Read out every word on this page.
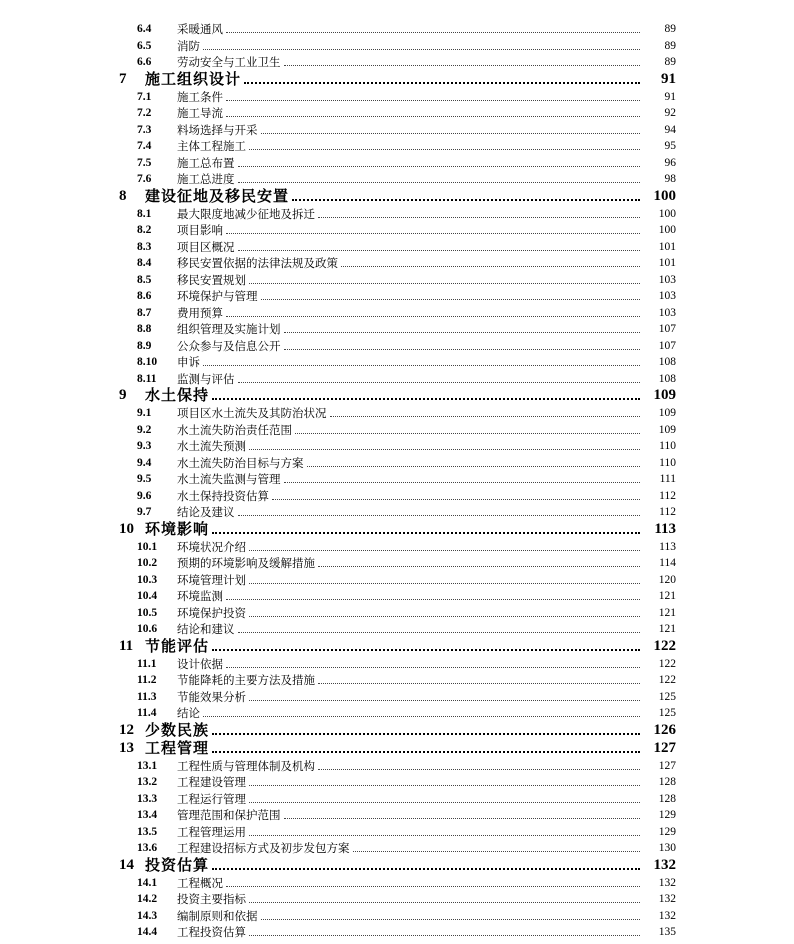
6.4	采暖通风	89
6.5	消防	89
6.6	劳动安全与工业卫生	89
7	施工组织设计	91
7.1	施工条件	91
7.2	施工导流	92
7.3	料场选择与开采	94
7.4	主体工程施工	95
7.5	施工总布置	96
7.6	施工总进度	98
8	建设征地及移民安置	100
8.1	最大限度地减少征地及拆迁	100
8.2	项目影响	100
8.3	项目区概况	101
8.4	移民安置依据的法律法规及政策	101
8.5	移民安置规划	103
8.6	环境保护与管理	103
8.7	费用预算	103
8.8	组织管理及实施计划	107
8.9	公众参与及信息公开	107
8.10	申诉	108
8.11	监测与评估	108
9	水土保持	109
9.1	项目区水土流失及其防治状况	109
9.2	水土流失防治责任范围	109
9.3	水土流失预测	110
9.4	水土流失防治目标与方案	110
9.5	水土流失监测与管理	111
9.6	水土保持投资估算	112
9.7	结论及建议	112
10 环境影响	113
10.1	环境状况介绍	113
10.2	预期的环境影响及缓解措施	114
10.3	环境管理计划	120
10.4	环境监测	121
10.5	环境保护投资	121
10.6	结论和建议	121
11 节能评估	122
11.1	设计依据	122
11.2	节能降耗的主要方法及措施	122
11.3	节能效果分析	125
11.4	结论	125
12 少数民族	126
13 工程管理	127
13.1	工程性质与管理体制及机构	127
13.2	工程建设管理	128
13.3	工程运行管理	128
13.4	管理范围和保护范围	129
13.5	工程管理运用	129
13.6	工程建设招标方式及初步发包方案	130
14 投资估算	132
14.1	工程概况	132
14.2	投资主要指标	132
14.3	编制原则和依据	132
14.4	工程投资估算	135
